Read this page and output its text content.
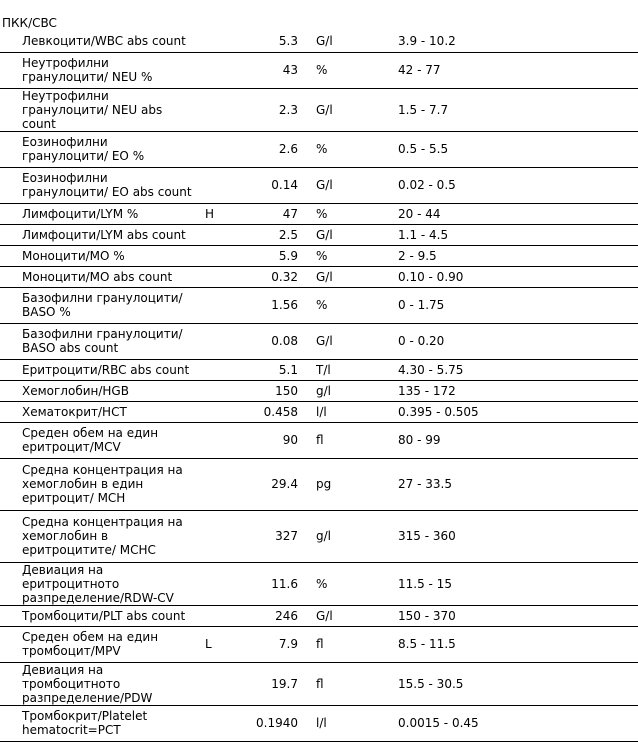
ПКК/CBC
Левкоцити/WBC abs count		5.3	G/l	3.9 - 10.2
Неутрофилни гранулоцити/ NEU %		43	%	42 - 77
Неутрофилни гранулоцити/ NEU abs count		2.3	G/l	1.5 - 7.7
Еозинофилни гранулоцити/ EO %		2.6	%	0.5 - 5.5
Еозинофилни гранулоцити/ EO abs count		0.14	G/l	0.02 - 0.5
Лимфоцити/LYM %	H	47	%	20 - 44
Лимфоцити/LYM abs count		2.5	G/l	1.1 - 4.5
Моноцити/MO %		5.9	%	2 - 9.5
Моноцити/MO abs count		0.32	G/l	0.10 - 0.90
Базофилни гранулоцити/ BASO %		1.56	%	0 - 1.75
Базофилни гранулоцити/ BASO abs count		0.08	G/l	0 - 0.20
Еритроцити/RBC abs count		5.1	T/l	4.30 - 5.75
Хемоглобин/HGB		150	g/l	135 - 172
Хематокрит/HCT		0.458	l/l	0.395 - 0.505
Среден обем на един еритроцит/MCV		90	fl	80 - 99
Средна концентрация на хемоглобин в един еритроцит/ MCH		29.4	pg	27 - 33.5
Средна концентрация на хемоглобин в еритроцитите/ MCHC		327	g/l	315 - 360
Девиация на еритроцитното разпределение/RDW-CV		11.6	%	11.5 - 15
Тромбоцити/PLT abs count		246	G/l	150 - 370
Среден обем на един тромбоцит/MPV	L	7.9	fl	8.5 - 11.5
Девиация на тромбоцитното разпределение/PDW		19.7	fl	15.5 - 30.5
Тромбокрит/Platelet hematocrit=PCT		0.1940	l/l	0.0015 - 0.45
